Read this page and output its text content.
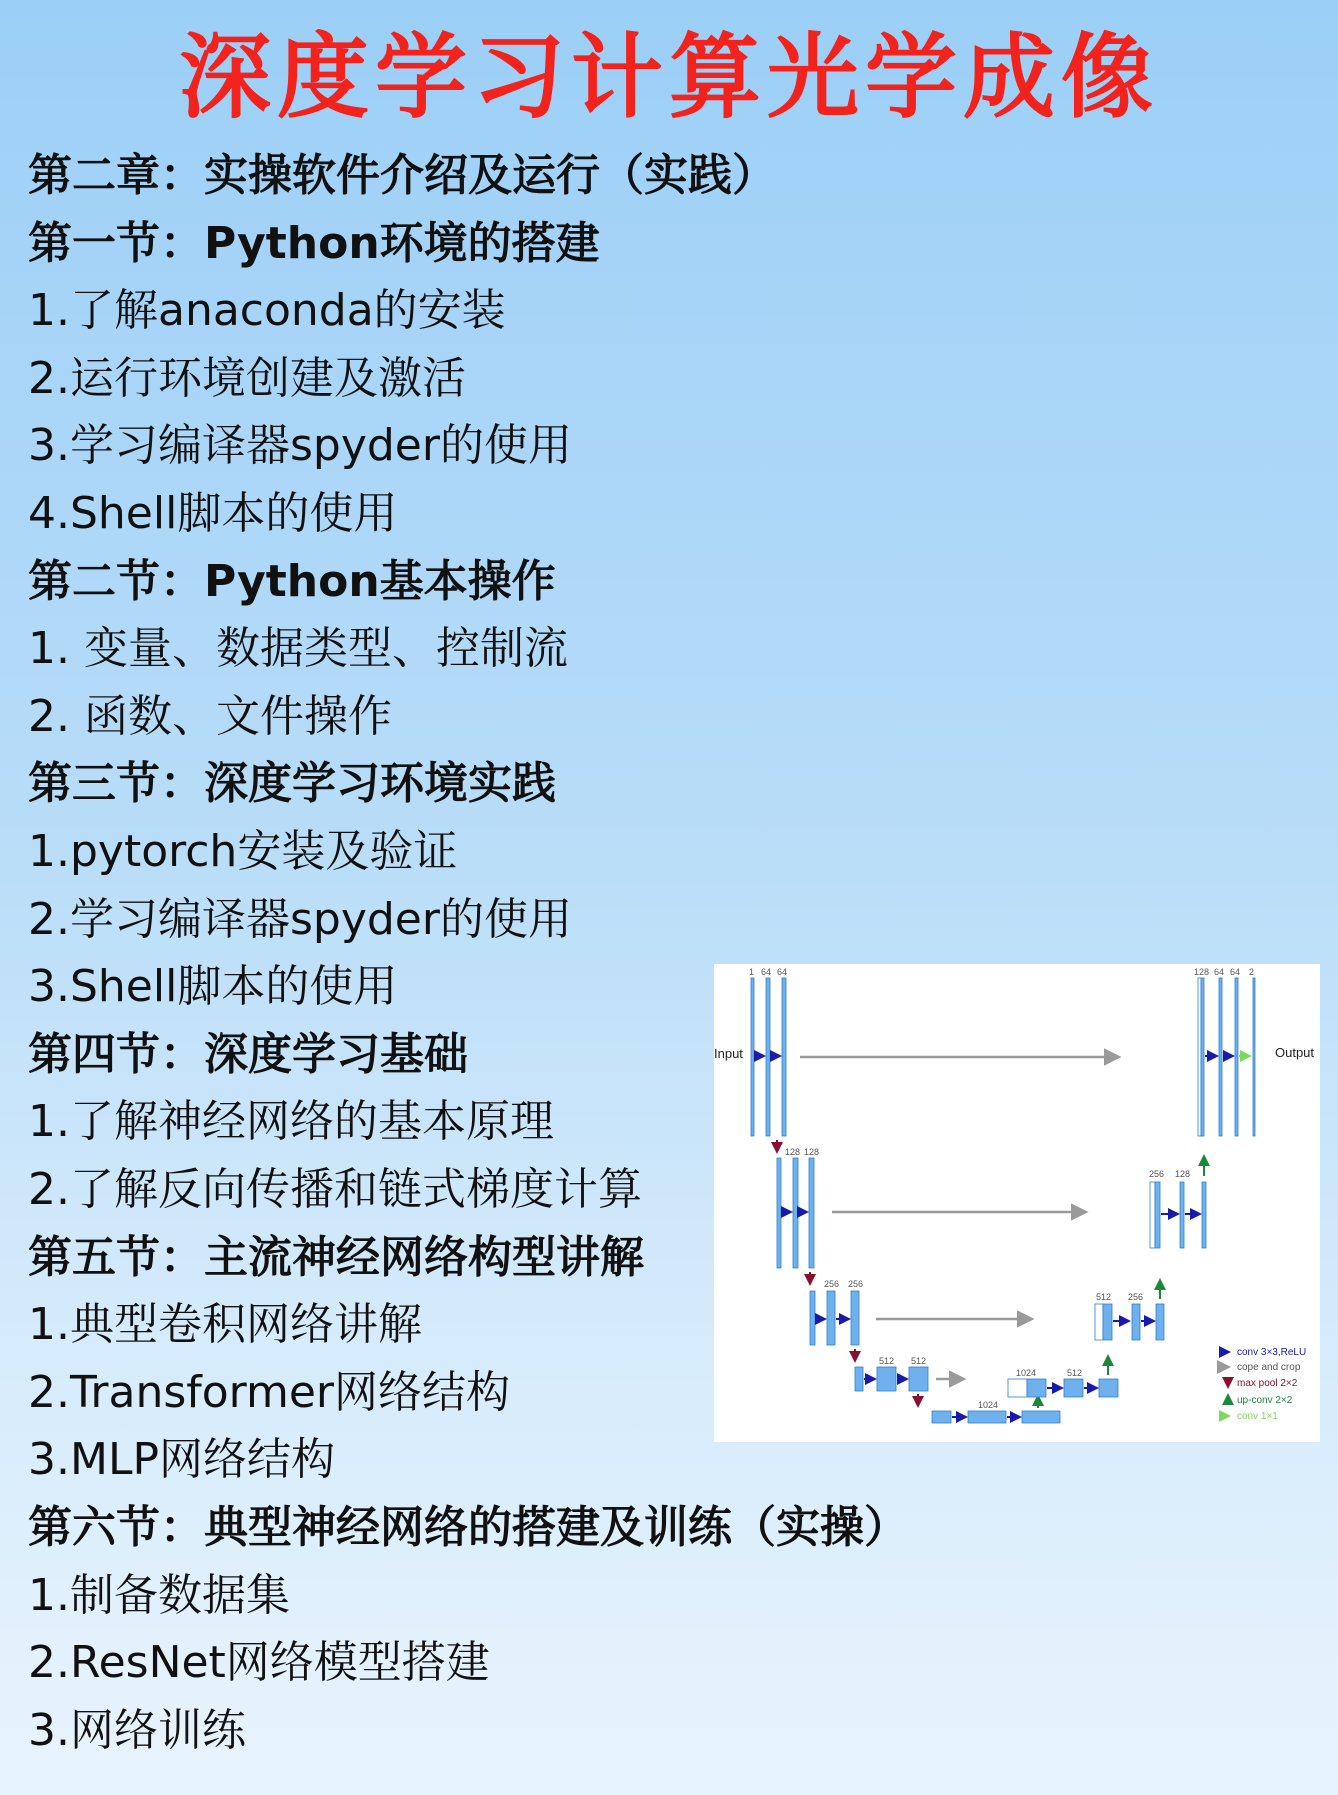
深度学习计算光学成像
第二章：实操软件介绍及运行（实践）
第一节：Python环境的搭建
1.了解anaconda的安装
2.运行环境创建及激活
3.学习编译器spyder的使用
4.Shell脚本的使用
第二节：Python基本操作
1. 变量、数据类型、控制流
2. 函数、文件操作
第三节：深度学习环境实践
1.pytorch安装及验证
2.学习编译器spyder的使用
3.Shell脚本的使用
第四节：深度学习基础
1.了解神经网络的基本原理
2.了解反向传播和链式梯度计算
第五节：主流神经网络构型讲解
1.典型卷积网络讲解
2.Transformer网络结构
3.MLP网络结构
第六节：典型神经网络的搭建及训练（实操）
1.制备数据集
2.ResNet网络模型搭建
3.网络训练
Input	Output
1 64 64
128 128
256 256
512 512
1024
1024	512
512 256
256 128
128 64 64 2
conv 3×3,ReLU
cope and crop
max pool 2×2
up-conv 2×2
conv 1×1
